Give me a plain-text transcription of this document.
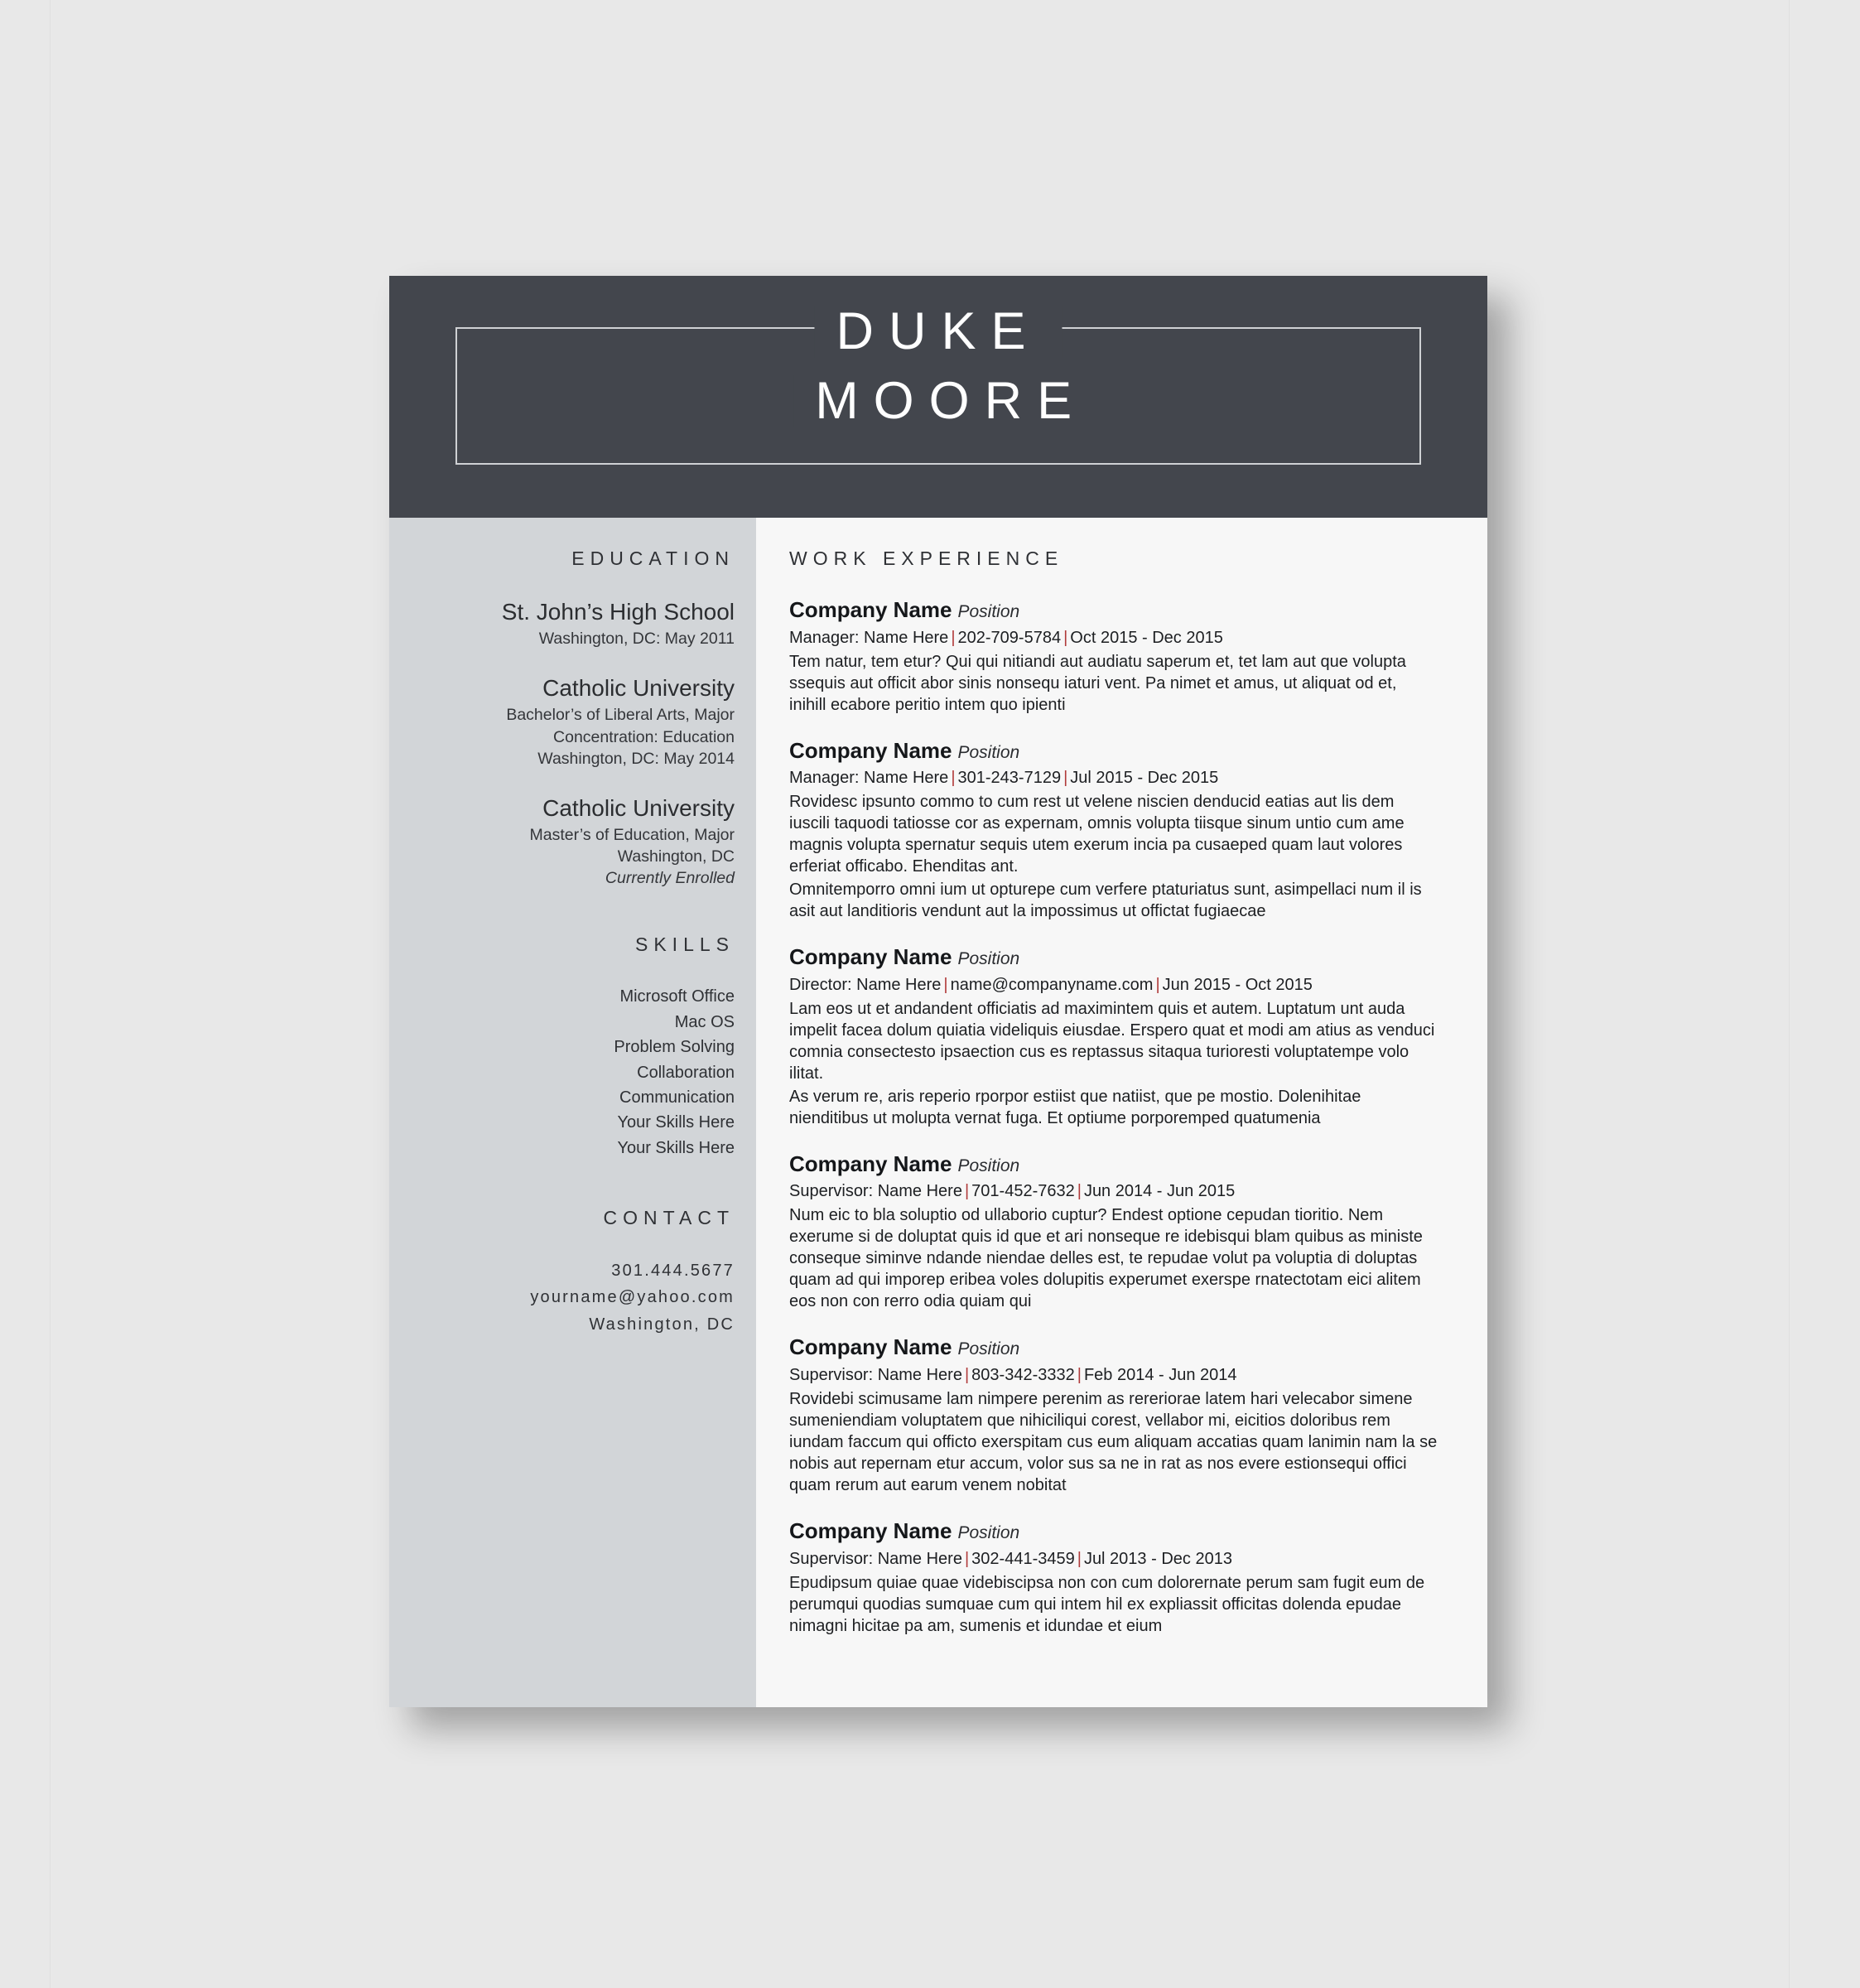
DUKE
MOORE
EDUCATION
St. John’s High School
Washington, DC: May 2011
Catholic University
Bachelor’s of Liberal Arts, Major
Concentration: Education
Washington, DC: May 2014
Catholic University
Master’s of Education, Major
Washington, DC
Currently Enrolled
SKILLS
Microsoft Office
Mac OS
Problem Solving
Collaboration
Communication
Your Skills Here
Your Skills Here
CONTACT
301.444.5677
yourname@yahoo.com
Washington, DC
WORK EXPERIENCE
Company Name Position
Manager: Name Here | 202-709-5784 | Oct 2015 - Dec 2015

Tem natur, tem etur? Qui qui nitiandi aut audiatu saperum et, tet lam aut que volupta ssequis aut officit abor sinis nonsequ iaturi vent. Pa nimet et amus, ut aliquat od et, inihill ecabore peritio intem quo ipienti

Company Name Position
Manager: Name Here | 301-243-7129 | Jul 2015 - Dec 2015

Rovidesc ipsunto commo to cum rest ut velene niscien denducid eatias aut lis dem iuscili taquodi tatiosse cor as expernam, omnis volupta tiisque sinum untio cum ame magnis volupta spernatur sequis utem exerum incia pa cusaeped quam laut volores erferiat officabo. Ehenditas ant.

Omnitemporro omni ium ut opturepe cum verfere ptaturiatus sunt, asimpellaci num il is asit aut landitioris vendunt aut la impossimus ut offictat fugiaecae

Company Name Position
Director: Name Here | name@companyname.com | Jun 2015 - Oct 2015

Lam eos ut et andandent officiatis ad maximintem quis et autem. Luptatum unt auda impelit facea dolum quiatia videliquis eiusdae. Erspero quat et modi am atius as venduci comnia consectesto ipsaection cus es reptassus sitaqua turioresti voluptatempe volo ilitat.

As verum re, aris reperio rporpor estiist que natiist, que pe mostio. Dolenihitae nienditibus ut molupta vernat fuga. Et optiume porporemped quatumenia

Company Name Position
Supervisor: Name Here | 701-452-7632 | Jun 2014 - Jun 2015

Num eic to bla soluptio od ullaborio cuptur? Endest optione cepudan tioritio. Nem exerume si de doluptat quis id que et ari nonseque re idebisqui blam quibus as ministe conseque siminve ndande niendae delles est, te repudae volut pa voluptia di doluptas quam ad qui imporep eribea voles dolupitis experumet exerspe rnatectotam eici alitem eos non con rerro odia quiam qui

Company Name Position
Supervisor: Name Here | 803-342-3332 | Feb 2014 - Jun 2014

Rovidebi scimusame lam nimpere perenim as rereriorae latem hari velecabor simene sumeniendiam voluptatem que nihiciliqui corest, vellabor mi, eicitios doloribus rem iundam faccum qui officto exerspitam cus eum aliquam accatias quam lanimin nam la se nobis aut repernam etur accum, volor sus sa ne in rat as nos evere estionsequi offici quam rerum aut earum venem nobitat

Company Name Position
Supervisor: Name Here | 302-441-3459 | Jul 2013 - Dec 2013

Epudipsum quiae quae videbiscipsa non con cum dolorernate perum sam fugit eum de perumqui quodias sumquae cum qui intem hil ex expliassit officitas dolenda epudae nimagni hicitae pa am, sumenis et idundae et eium
